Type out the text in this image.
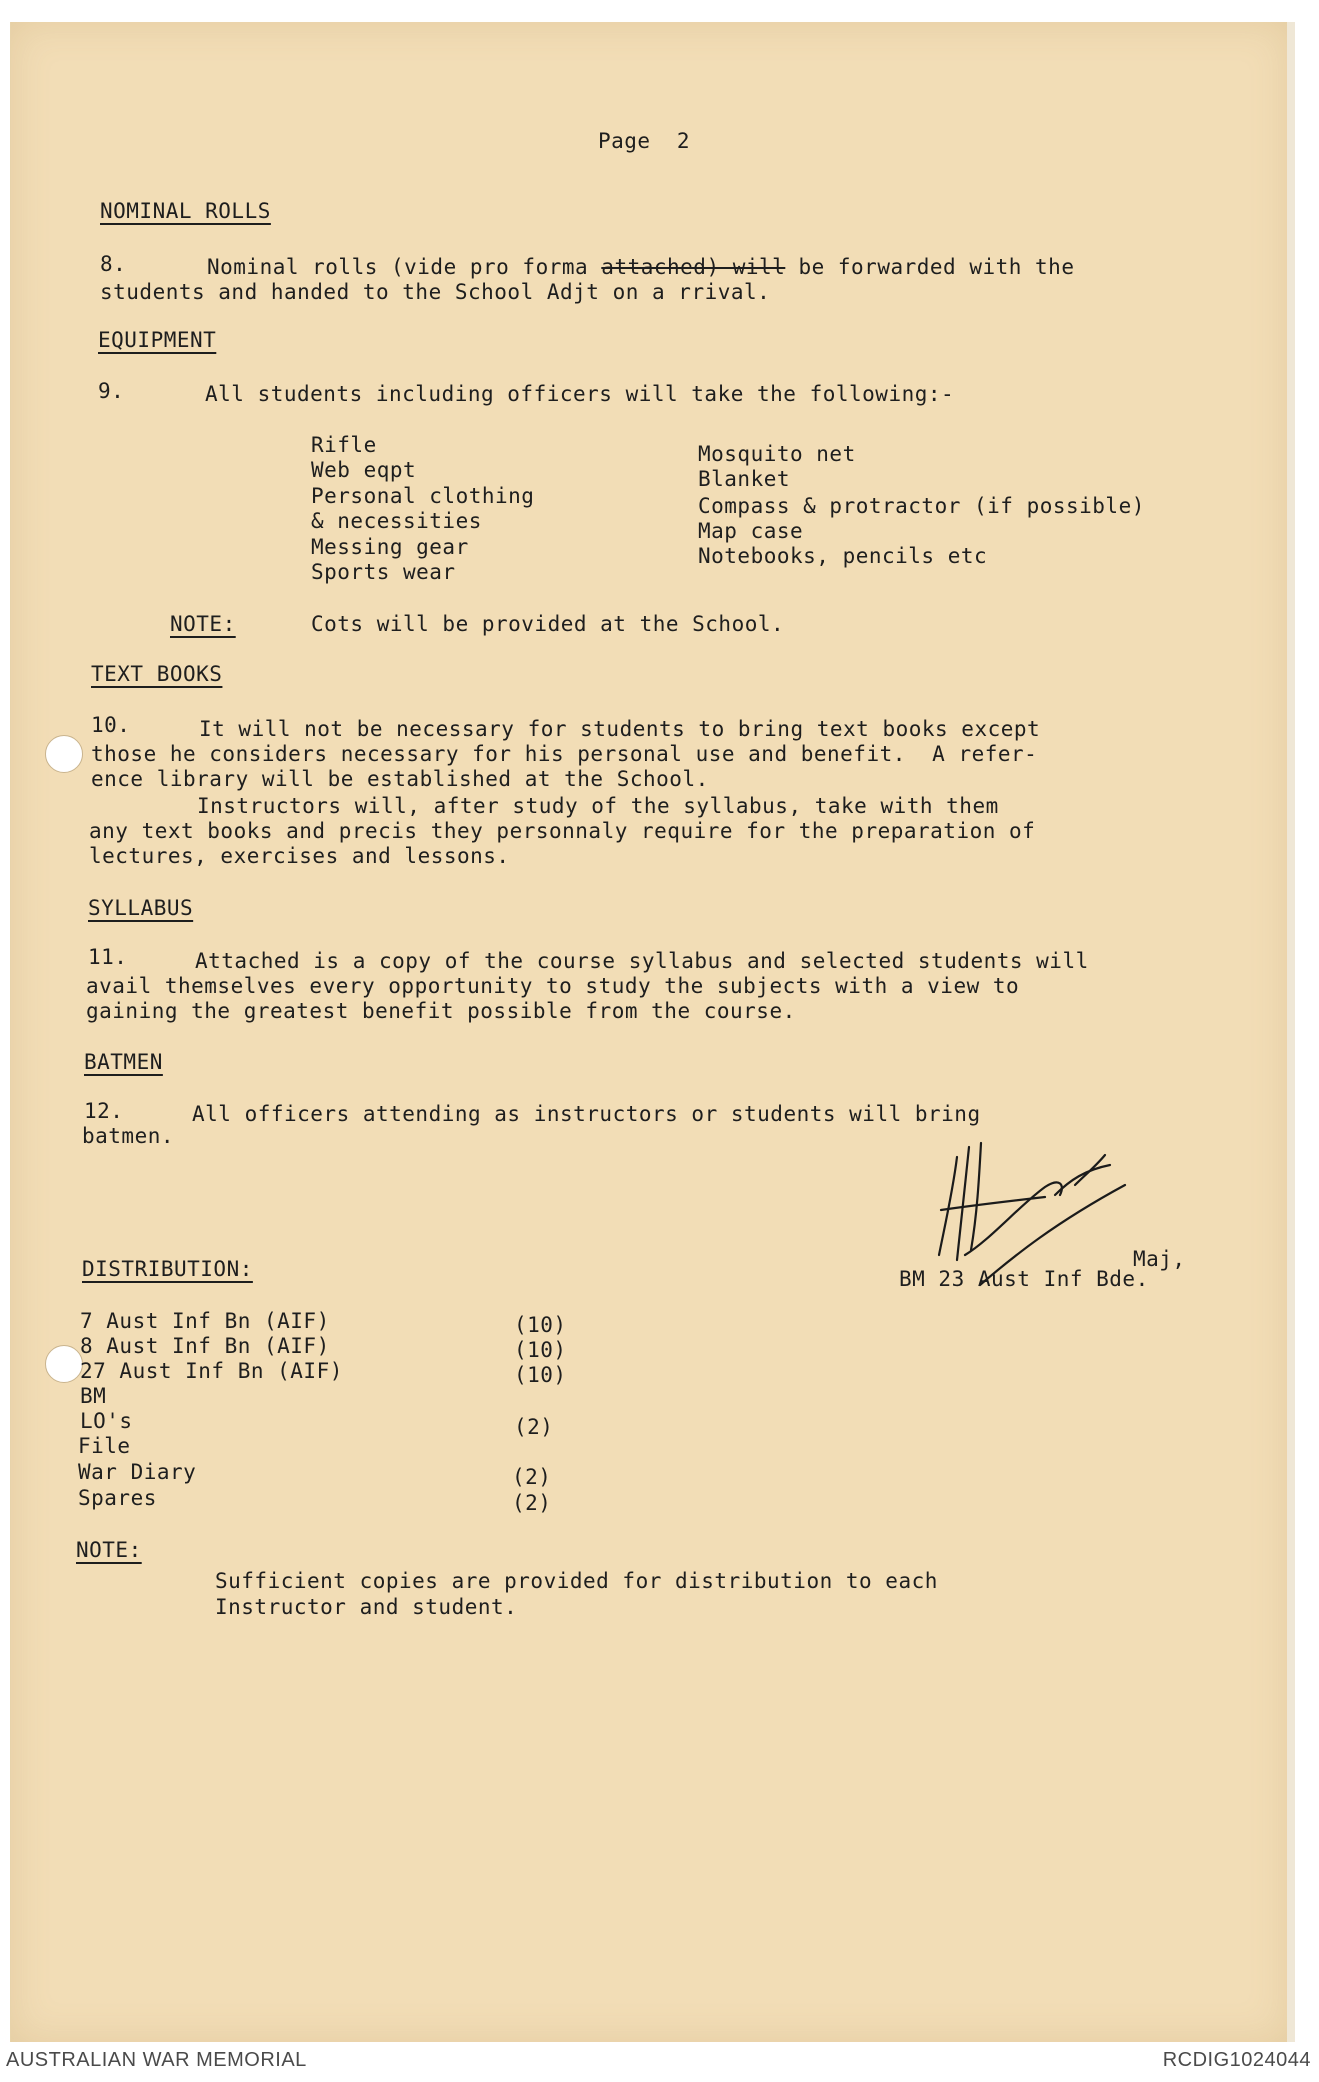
Page  2
NOMINAL ROLLS
8.	Nominal rolls (vide pro forma attached) will be forwarded with the
students and handed to the School Adjt on a rrival.
EQUIPMENT
9.	All students including officers will take the following:-
Rifle
Web eqpt
Personal clothing
& necessities
Messing gear
Sports wear
Mosquito net
Blanket
Compass & protractor (if possible)
Map case
Notebooks, pencils etc
NOTE:	Cots will be provided at the School.
TEXT BOOKS
10.	It will not be necessary for students to bring text books except
those he considers necessary for his personal use and benefit.  A refer-
ence library will be established at the School.
Instructors will, after study of the syllabus, take with them
any text books and precis they personnaly require for the preparation of
lectures, exercises and lessons.
SYLLABUS
11.	Attached is a copy of the course syllabus and selected students will
avail themselves every opportunity to study the subjects with a view to
gaining the greatest benefit possible from the course.
BATMEN
12.	All officers attending as instructors or students will bring
batmen.
Maj,
BM 23 Aust Inf Bde.
DISTRIBUTION:
7 Aust Inf Bn (AIF)	(10)
8 Aust Inf Bn (AIF)	(10)
27 Aust Inf Bn (AIF)	(10)
BM
LO's	(2)
File
War Diary	(2)
Spares	(2)
NOTE:
Sufficient copies are provided for distribution to each
Instructor and student.
AUSTRALIAN WAR MEMORIAL	RCDIG1024044
